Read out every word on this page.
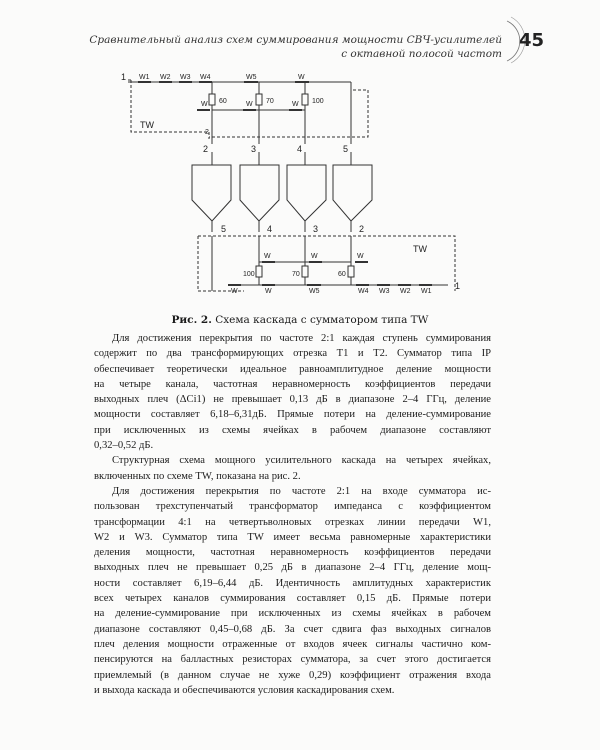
Сравнительный анализ схем суммирования мощности СВЧ-усилителей
с октавной полосой частот
45
1 W1 W2 W3 W4	W5	W
W	W	W
60	70	100
TW
2
2	3	4	5
5	4	3	2
TW
W	W	W
100	70	60
W	W	W5	W4 W3 W2 W1
1
Рис. 2. Схема каскада с сумматором типа TW

Для достижения перекрытия по частоте 2:1 каждая ступень суммирования
содержит по два трансформирующих отрезка Т1 и Т2. Сумматор типа IP
обеспечивает теоретически идеальное равноамплитудное деление мощности
на четыре канала, частотная неравномерность коэффициентов передачи
выходных плеч (ΔCi1) не превышает 0,13 дБ в диапазоне 2–4 ГГц, деление
мощности составляет 6,18–6,31дБ. Прямые потери на деление-суммирование
при исключенных из схемы ячейках в рабочем диапазоне составляют
0,32–0,52 дБ.

Структурная схема мощного усилительного каскада на четырех ячейках,
включенных по схеме TW, показана на рис. 2.

Для достижения перекрытия по частоте 2:1 на входе сумматора ис-
пользован трехступенчатый трансформатор импеданса с коэффициентом
трансформации 4:1 на четвертьволновых отрезках линии передачи W1,
W2 и W3. Сумматор типа TW имеет весьма равномерные характеристики
деления мощности, частотная неравномерность коэффициентов передачи
выходных плеч не превышает 0,25 дБ в диапазоне 2–4 ГГц, деление мощ-
ности составляет 6,19–6,44 дБ. Идентичность амплитудных характеристик
всех четырех каналов суммирования составляет 0,15 дБ. Прямые потери
на деление-суммирование при исключенных из схемы ячейках в рабочем
диапазоне составляют 0,45–0,68 дБ. За счет сдвига фаз выходных сигналов
плеч деления мощности отраженные от входов ячеек сигналы частично ком-
пенсируются на балластных резисторах сумматора, за счет этого достигается
приемлемый (в данном случае не хуже 0,29) коэффициент отражения входа
и выхода каскада и обеспечиваются условия каскадирования схем.
